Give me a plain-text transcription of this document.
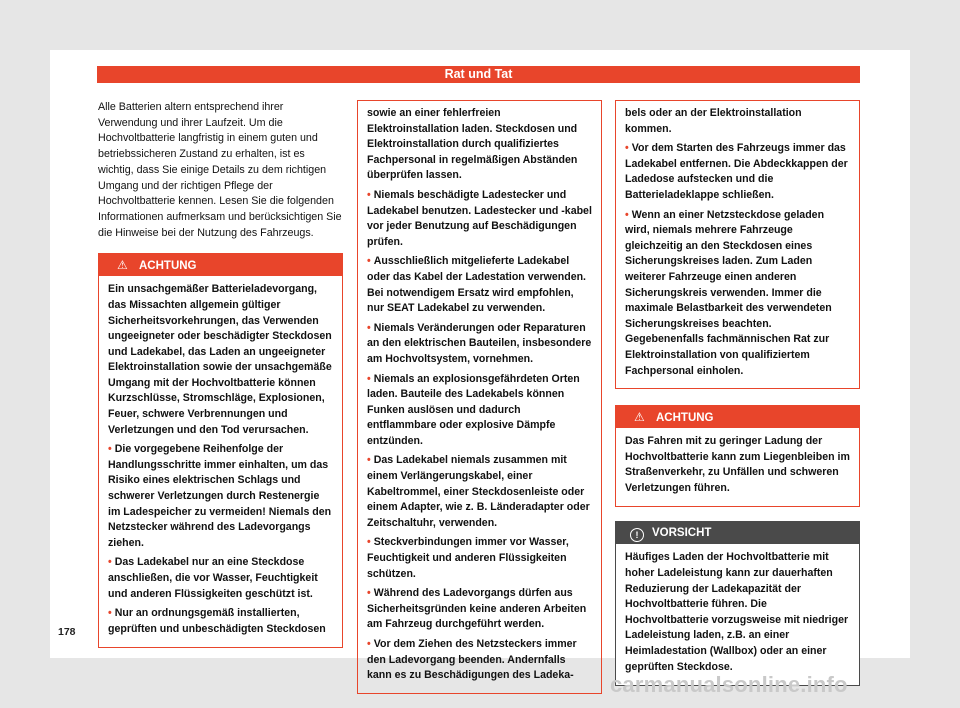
Rat und Tat

Alle Batterien altern entsprechend ihrer Verwendung und ihrer Laufzeit. Um die Hochvoltbatterie langfristig in einem guten und betriebssicheren Zustand zu erhalten, ist es wichtig, dass Sie einige Details zu dem richtigen Umgang und der richtigen Pflege der Hochvoltbatterie kennen. Lesen Sie die folgenden Informationen aufmerksam und berücksichtigen Sie die Hinweise bei der Nutzung des Fahrzeugs.

⚠ ACHTUNG

Ein unsachgemäßer Batterieladevorgang, das Missachten allgemein gültiger Sicherheitsvorkehrungen, das Verwenden ungeeigneter oder beschädigter Steckdosen und Ladekabel, das Laden an ungeeigneter Elektroinstallation sowie der unsachgemäße Umgang mit der Hochvoltbatterie können Kurzschlüsse, Stromschläge, Explosionen, Feuer, schwere Verbrennungen und Verletzungen und den Tod verursachen.

• Die vorgegebene Reihenfolge der Handlungsschritte immer einhalten, um das Risiko eines elektrischen Schlags und schwerer Verletzungen durch Restenergie im Ladespeicher zu vermeiden! Niemals den Netzstecker während des Ladevorgangs ziehen.

• Das Ladekabel nur an eine Steckdose anschließen, die vor Wasser, Feuchtigkeit und anderen Flüssigkeiten geschützt ist.

• Nur an ordnungsgemäß installierten, geprüften und unbeschädigten Steckdosen

sowie an einer fehlerfreien Elektroinstallation laden. Steckdosen und Elektroinstallation durch qualifiziertes Fachpersonal in regelmäßigen Abständen überprüfen lassen.

• Niemals beschädigte Ladestecker und Ladekabel benutzen. Ladestecker und -kabel vor jeder Benutzung auf Beschädigungen prüfen.

• Ausschließlich mitgelieferte Ladekabel oder das Kabel der Ladestation verwenden. Bei notwendigem Ersatz wird empfohlen, nur SEAT Ladekabel zu verwenden.

• Niemals Veränderungen oder Reparaturen an den elektrischen Bauteilen, insbesondere am Hochvoltsystem, vornehmen.

• Niemals an explosionsgefährdeten Orten laden. Bauteile des Ladekabels können Funken auslösen und dadurch entflammbare oder explosive Dämpfe entzünden.

• Das Ladekabel niemals zusammen mit einem Verlängerungskabel, einer Kabeltrommel, einer Steckdosenleiste oder einem Adapter, wie z. B. Länderadapter oder Zeitschaltuhr, verwenden.

• Steckverbindungen immer vor Wasser, Feuchtigkeit und anderen Flüssigkeiten schützen.

• Während des Ladevorgangs dürfen aus Sicherheitsgründen keine anderen Arbeiten am Fahrzeug durchgeführt werden.

• Vor dem Ziehen des Netzsteckers immer den Ladevorgang beenden. Andernfalls kann es zu Beschädigungen des Ladeka-

bels oder an der Elektroinstallation kommen.

• Vor dem Starten des Fahrzeugs immer das Ladekabel entfernen. Die Abdeckkappen der Ladedose aufstecken und die Batterieladeklappe schließen.

• Wenn an einer Netzsteckdose geladen wird, niemals mehrere Fahrzeuge gleichzeitig an den Steckdosen eines Sicherungskreises laden. Zum Laden weiterer Fahrzeuge einen anderen Sicherungskreis verwenden. Immer die maximale Belastbarkeit des verwendeten Sicherungskreises beachten. Gegebenenfalls fachmännischen Rat zur Elektroinstallation von qualifiziertem Fachpersonal einholen.

⚠ ACHTUNG

Das Fahren mit zu geringer Ladung der Hochvoltbatterie kann zum Liegenbleiben im Straßenverkehr, zu Unfällen und schweren Verletzungen führen.

! VORSICHT

Häufiges Laden der Hochvoltbatterie mit hoher Ladeleistung kann zur dauerhaften Reduzierung der Ladekapazität der Hochvoltbatterie führen. Die Hochvoltbatterie vorzugsweise mit niedriger Ladeleistung laden, z.B. an einer Heimladestation (Wallbox) oder an einer geprüften Steckdose.

178
carmanualsonline.info
